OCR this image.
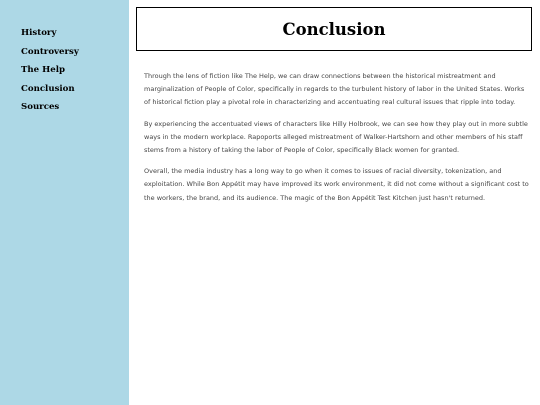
History
Controversy
The Help
Conclusion
Sources
Conclusion

Through the lens of fiction like The Help, we can draw connections between the historical mistreatment and marginalization of People of Color, specifically in regards to the turbulent history of labor in the United States. Works of historical fiction play a pivotal role in characterizing and accentuating real cultural issues that ripple into today.

By experiencing the accentuated views of characters like Hilly Holbrook, we can see how they play out in more subtle ways in the modern workplace. Rapoports alleged mistreatment of Walker-Hartshorn and other members of his staff stems from a history of taking the labor of People of Color, specifically Black women for granted.

Overall, the media industry has a long way to go when it comes to issues of racial diversity, tokenization, and exploitation. While Bon Appétit may have improved its work environment, it did not come without a significant cost to the workers, the brand, and its audience. The magic of the Bon Appétit Test Kitchen just hasn't returned.
